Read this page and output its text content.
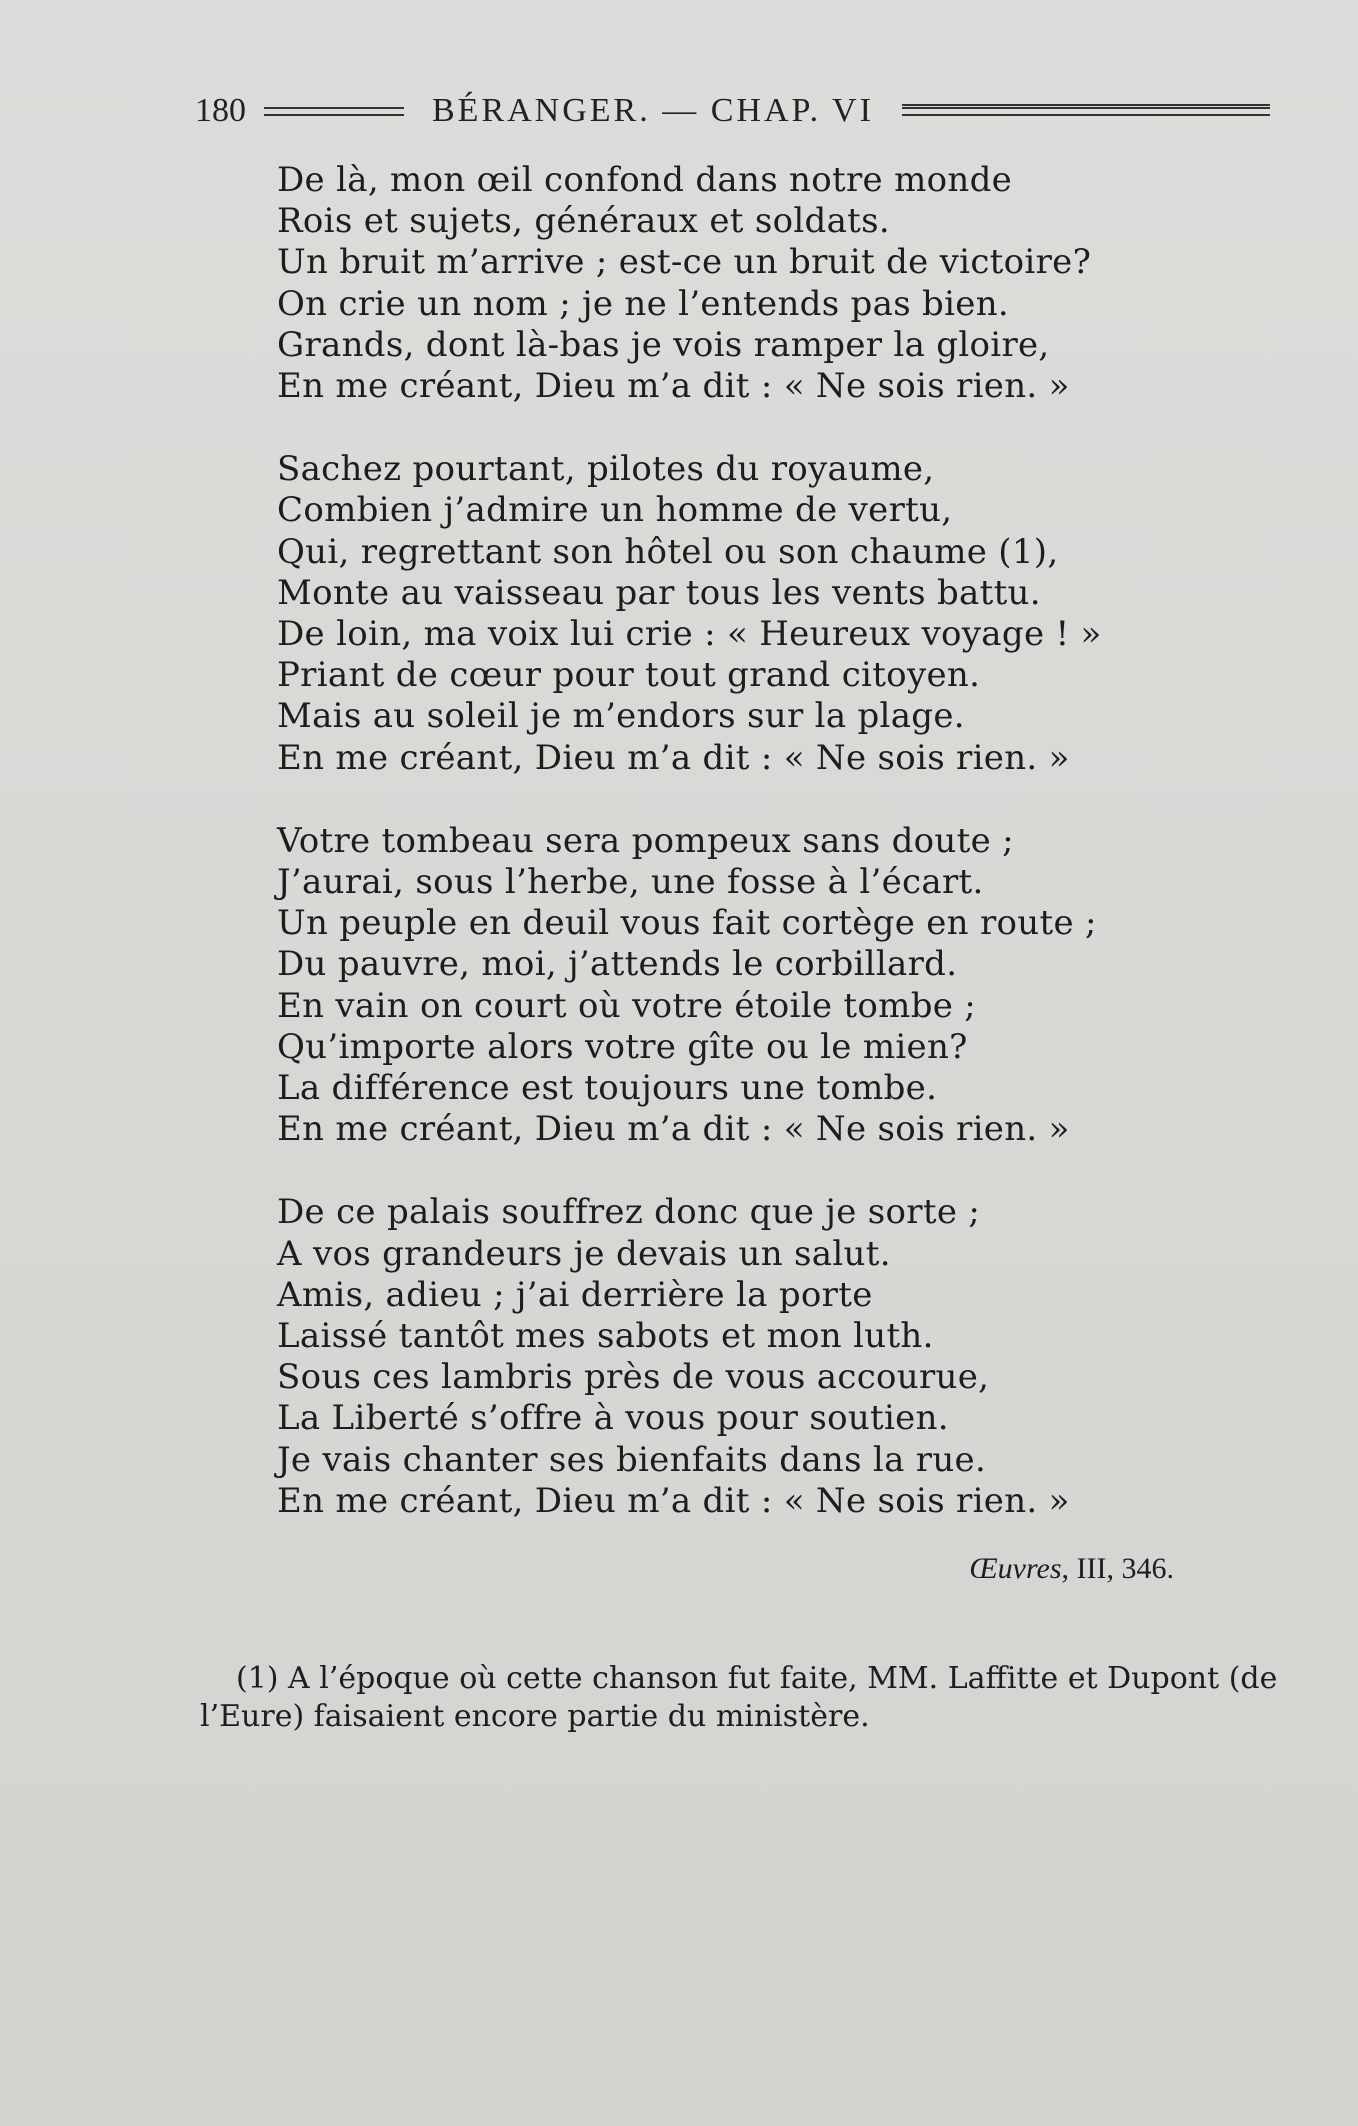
180	BÉRANGER. — CHAP. VI
De là, mon œil confond dans notre monde
Rois et sujets, généraux et soldats.
Un bruit m’arrive ; est-ce un bruit de victoire?
On crie un nom ; je ne l’entends pas bien.
Grands, dont là-bas je vois ramper la gloire,
En me créant, Dieu m’a dit : « Ne sois rien. »
Sachez pourtant, pilotes du royaume,
Combien j’admire un homme de vertu,
Qui, regrettant son hôtel ou son chaume (1),
Monte au vaisseau par tous les vents battu.
De loin, ma voix lui crie : « Heureux voyage ! »
Priant de cœur pour tout grand citoyen.
Mais au soleil je m’endors sur la plage.
En me créant, Dieu m’a dit : « Ne sois rien. »
Votre tombeau sera pompeux sans doute ;
J’aurai, sous l’herbe, une fosse à l’écart.
Un peuple en deuil vous fait cortège en route ;
Du pauvre, moi, j’attends le corbillard.
En vain on court où votre étoile tombe ;
Qu’importe alors votre gîte ou le mien?
La différence est toujours une tombe.
En me créant, Dieu m’a dit : « Ne sois rien. »
De ce palais souffrez donc que je sorte ;
A vos grandeurs je devais un salut.
Amis, adieu ; j’ai derrière la porte
Laissé tantôt mes sabots et mon luth.
Sous ces lambris près de vous accourue,
La Liberté s’offre à vous pour soutien.
Je vais chanter ses bienfaits dans la rue.
En me créant, Dieu m’a dit : « Ne sois rien. »
Œuvres, III, 346.
(1) A l’époque où cette chanson fut faite, MM. Laffitte et Dupont (de l’Eure) faisaient encore partie du ministère.
